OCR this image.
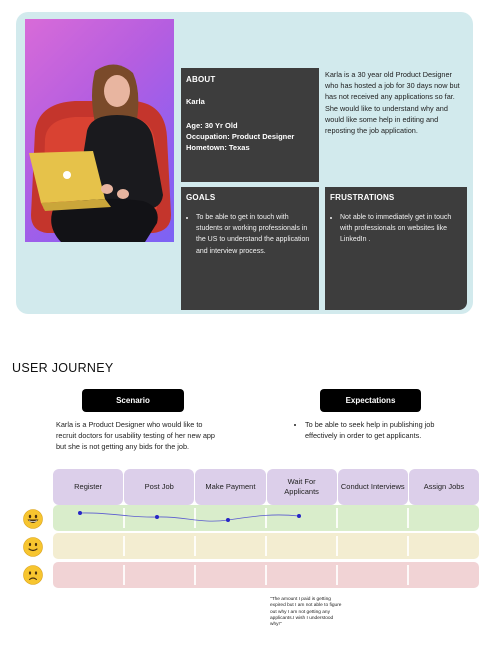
ABOUT
Karla
Age: 30 Yr Old
Occupation: Product Designer
Hometown: Texas
Karla is a 30 year old Product Designer who has hosted a job for 30 days now but has not received any applications so far. She would like to understand why and would like some help in editing and reposting the job application.
GOALS
• To be able to get in touch with students or working professionals in the US to understand the application and interview process.
FRUSTRATIONS
• Not able to immediately get in touch with professionals on websites like LinkedIn .
USER JOURNEY
Scenario	Expectations
Karla is a Product Designer who would like to recruit doctors for usability testing of her new app but she is not getting any bids for the job.
• To be able to seek help in publishing job effectively in order to get applicants.
Register	Post Job	Make Payment
Wait For Applicants
Conduct Interviews	Assign Jobs
"The amount I paid is getting expired but I am not able to figure out why I am not getting any applicants.I wish I understood why!"
